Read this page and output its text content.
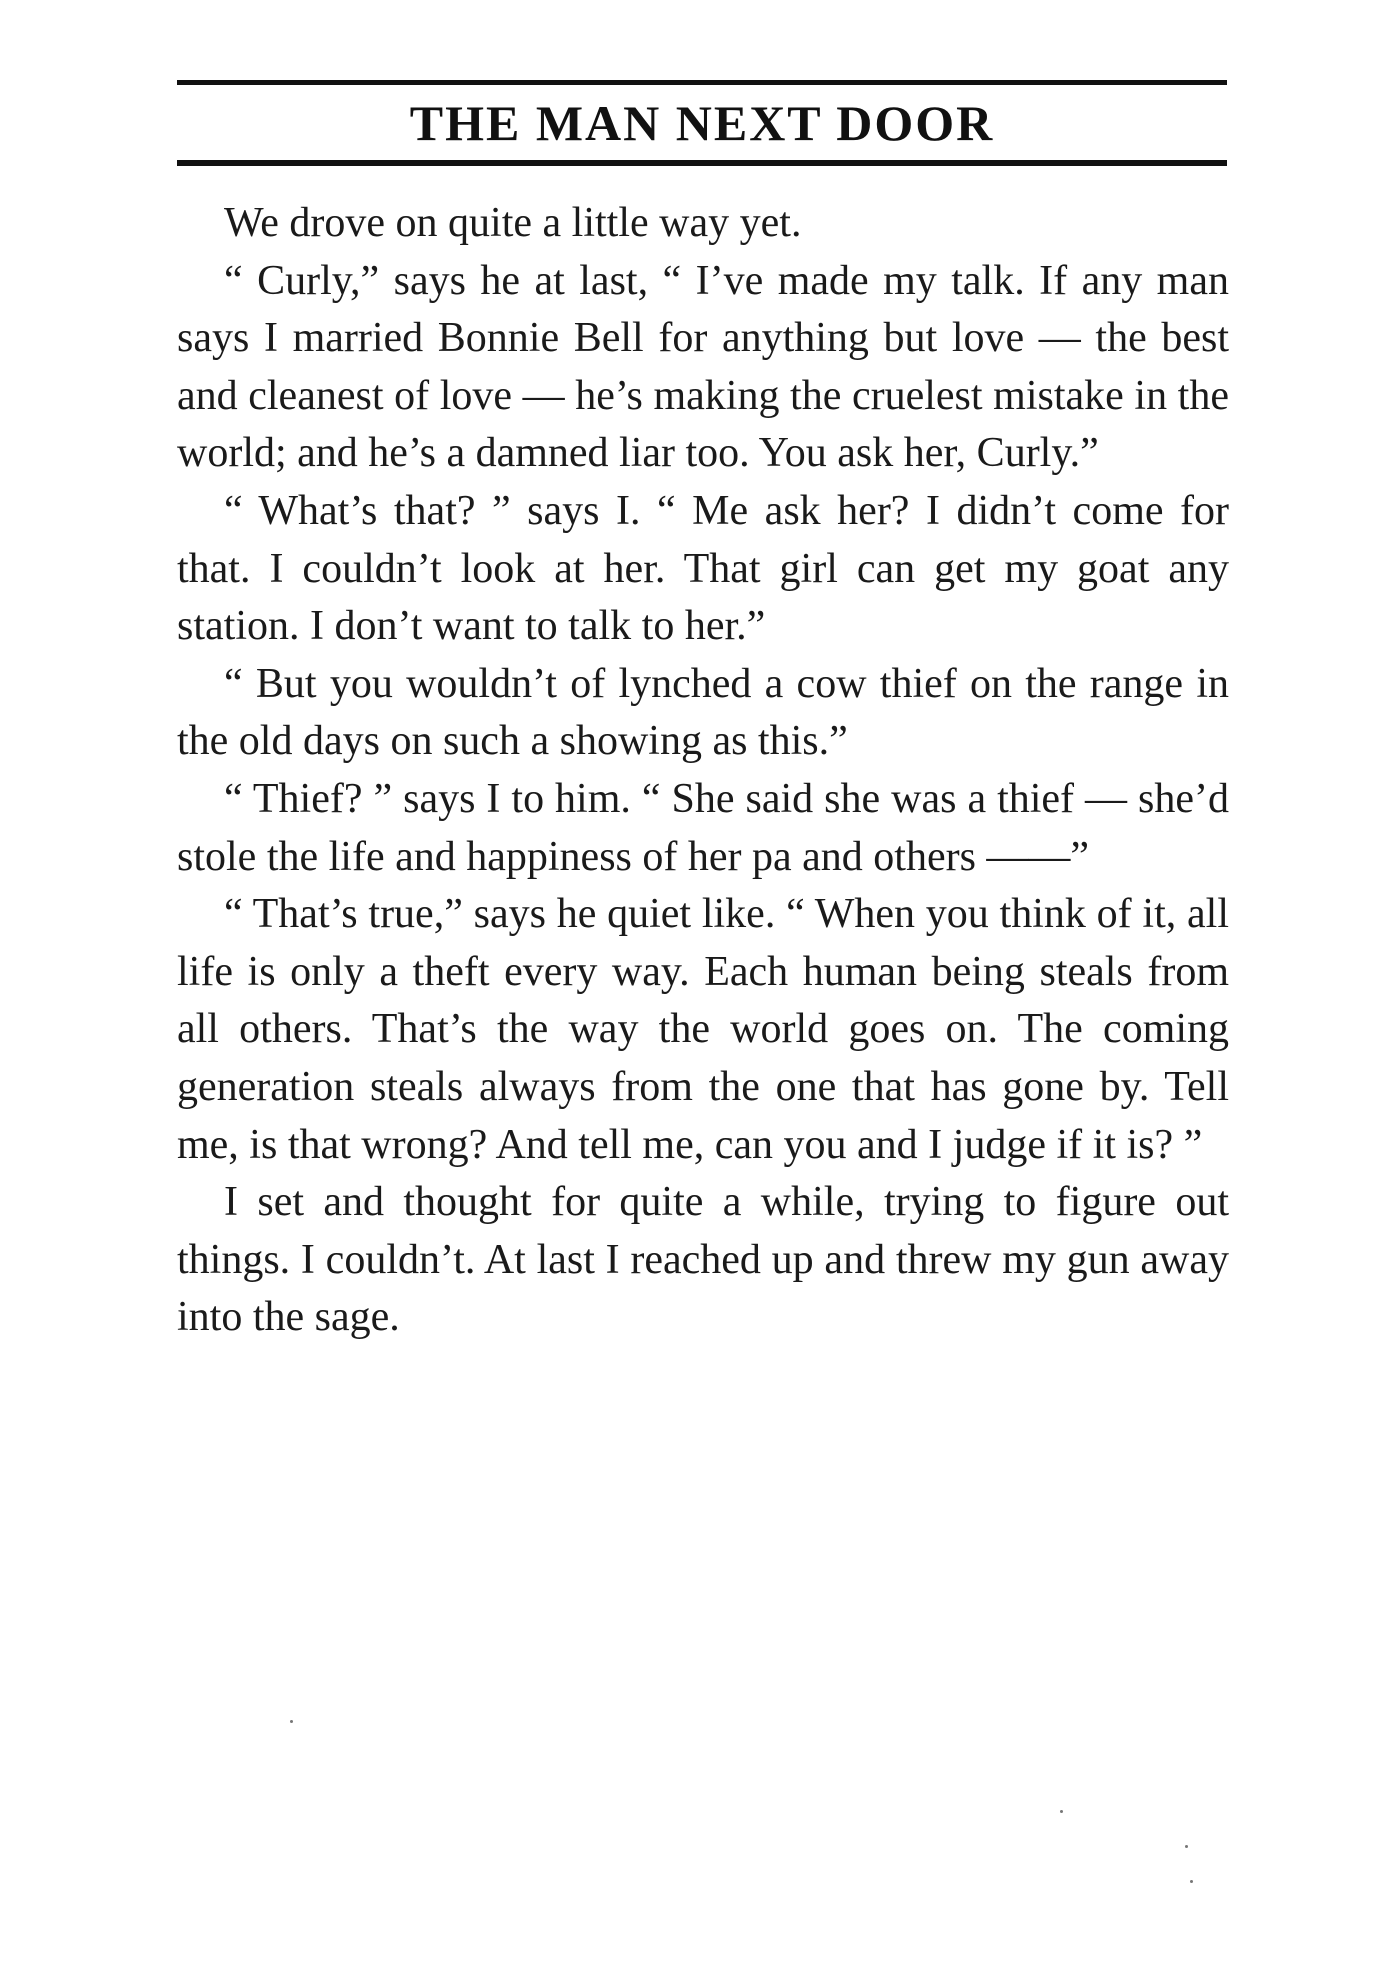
THE MAN NEXT DOOR

We drove on quite a little way yet.

“ Curly,” says he at last, “ I’ve made my talk. If any man says I married Bonnie Bell for anything but love — the best and cleanest of love — he’s making the cruelest mistake in the world; and he’s a damned liar too. You ask her, Curly.”

“ What’s that? ” says I. “ Me ask her? I didn’t come for that. I couldn’t look at her. That girl can get my goat any station. I don’t want to talk to her.”

“ But you wouldn’t of lynched a cow thief on the range in the old days on such a showing as this.”

“ Thief? ” says I to him. “ She said she was a thief — she’d stole the life and happiness of her pa and others ——”

“ That’s true,” says he quiet like. “ When you think of it, all life is only a theft every way. Each human being steals from all others. That’s the way the world goes on. The coming generation steals always from the one that has gone by. Tell me, is that wrong? And tell me, can you and I judge if it is? ”

I set and thought for quite a while, trying to figure out things. I couldn’t. At last I reached up and threw my gun away into the sage.
